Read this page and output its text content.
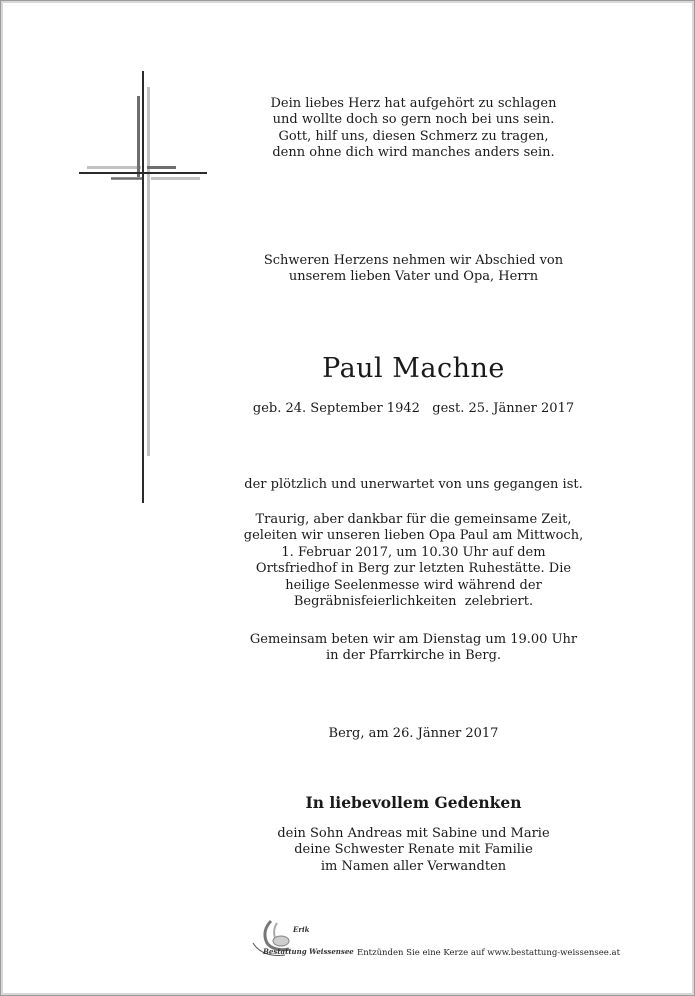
Dein liebes Herz hat aufgehört zu schlagen
und wollte doch so gern noch bei uns sein.
Gott, hilf uns, diesen Schmerz zu tragen,
denn ohne dich wird manches anders sein.

Schweren Herzens nehmen wir Abschied von
unserem lieben Vater und Opa, Herrn

Paul Machne

geb. 24. September 1942   gest. 25. Jänner 2017

der plötzlich und unerwartet von uns gegangen ist.

Traurig, aber dankbar für die gemeinsame Zeit,
geleiten wir unseren lieben Opa Paul am Mittwoch,
1. Februar 2017, um 10.30 Uhr auf dem
Ortsfriedhof in Berg zur letzten Ruhestätte. Die
heilige Seelenmesse wird während der
Begräbnisfeierlichkeiten  zelebriert.

Gemeinsam beten wir am Dienstag um 19.00 Uhr
in der Pfarrkirche in Berg.

Berg, am 26. Jänner 2017

In liebevollem Gedenken

dein Sohn Andreas mit Sabine und Marie
deine Schwester Renate mit Familie
im Namen aller Verwandten

Erik
Bestattung Weissensee Entzünden Sie eine Kerze auf www.bestattung-weissensee.at
